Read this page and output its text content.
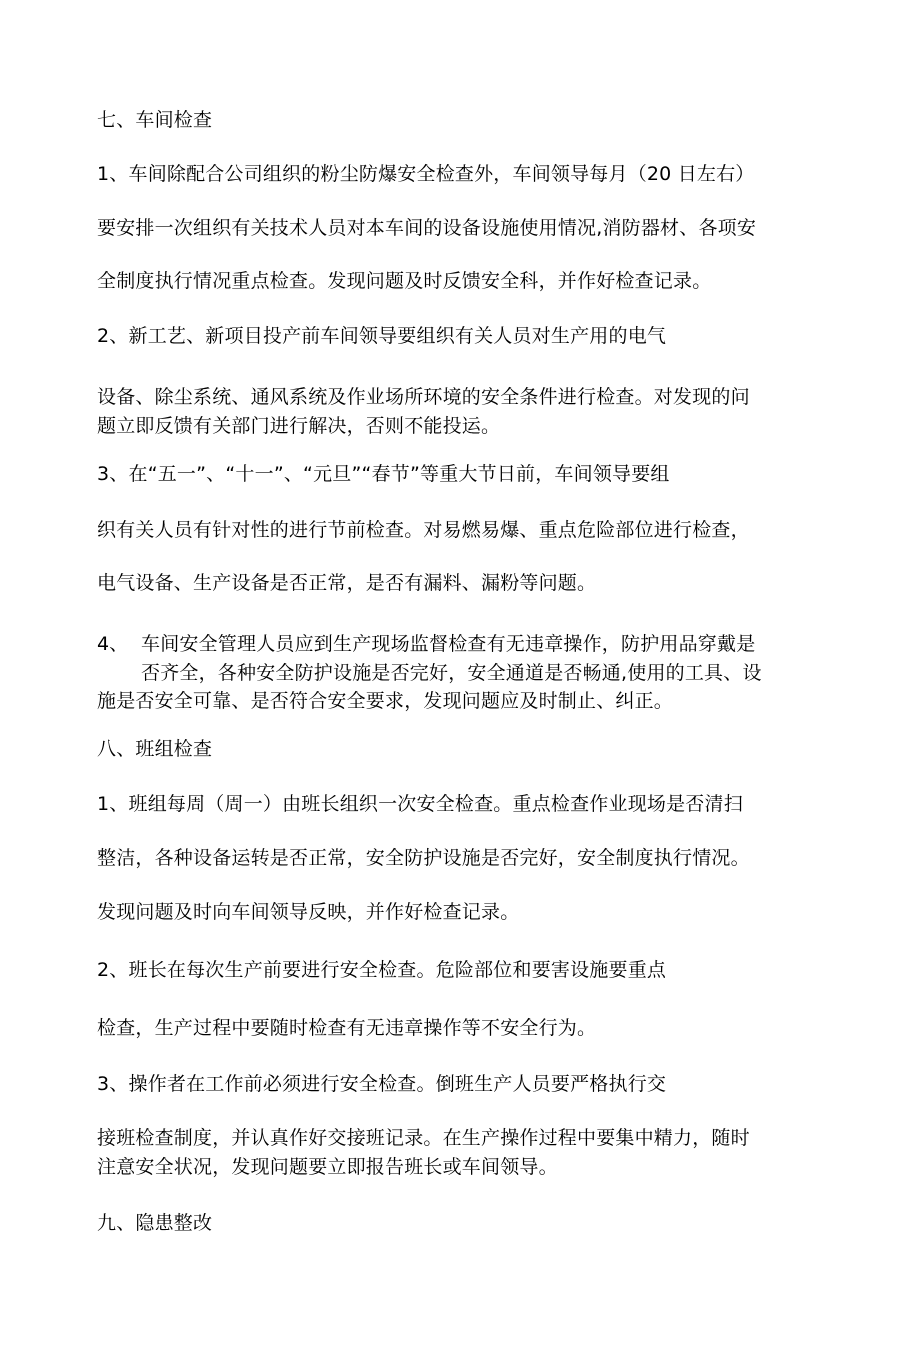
七、车间检查
1、车间除配合公司组织的粉尘防爆安全检查外，车间领导每月（20 日左右）
要安排一次组织有关技术人员对本车间的设备设施使用情况,消防器材、各项安
全制度执行情况重点检查。发现问题及时反馈安全科，并作好检查记录。
2、新工艺、新项目投产前车间领导要组织有关人员对生产用的电气
设备、除尘系统、通风系统及作业场所环境的安全条件进行检查。对发现的问
题立即反馈有关部门进行解决，否则不能投运。
3、在“五一”、“十一”、“元旦”“春节”等重大节日前，车间领导要组
织有关人员有针对性的进行节前检查。对易燃易爆、重点危险部位进行检查，
电气设备、生产设备是否正常，是否有漏料、漏粉等问题。
4、 车间安全管理人员应到生产现场监督检查有无违章操作，防护用品穿戴是
否齐全，各种安全防护设施是否完好，安全通道是否畅通,使用的工具、设
施是否安全可靠、是否符合安全要求，发现问题应及时制止、纠正。
八、班组检查
1、班组每周（周一）由班长组织一次安全检查。重点检查作业现场是否清扫
整洁，各种设备运转是否正常，安全防护设施是否完好，安全制度执行情况。
发现问题及时向车间领导反映，并作好检查记录。
2、班长在每次生产前要进行安全检查。危险部位和要害设施要重点
检查，生产过程中要随时检查有无违章操作等不安全行为。
3、操作者在工作前必须进行安全检查。倒班生产人员要严格执行交
接班检查制度，并认真作好交接班记录。在生产操作过程中要集中精力，随时
注意安全状况，发现问题要立即报告班长或车间领导。
九、隐患整改
